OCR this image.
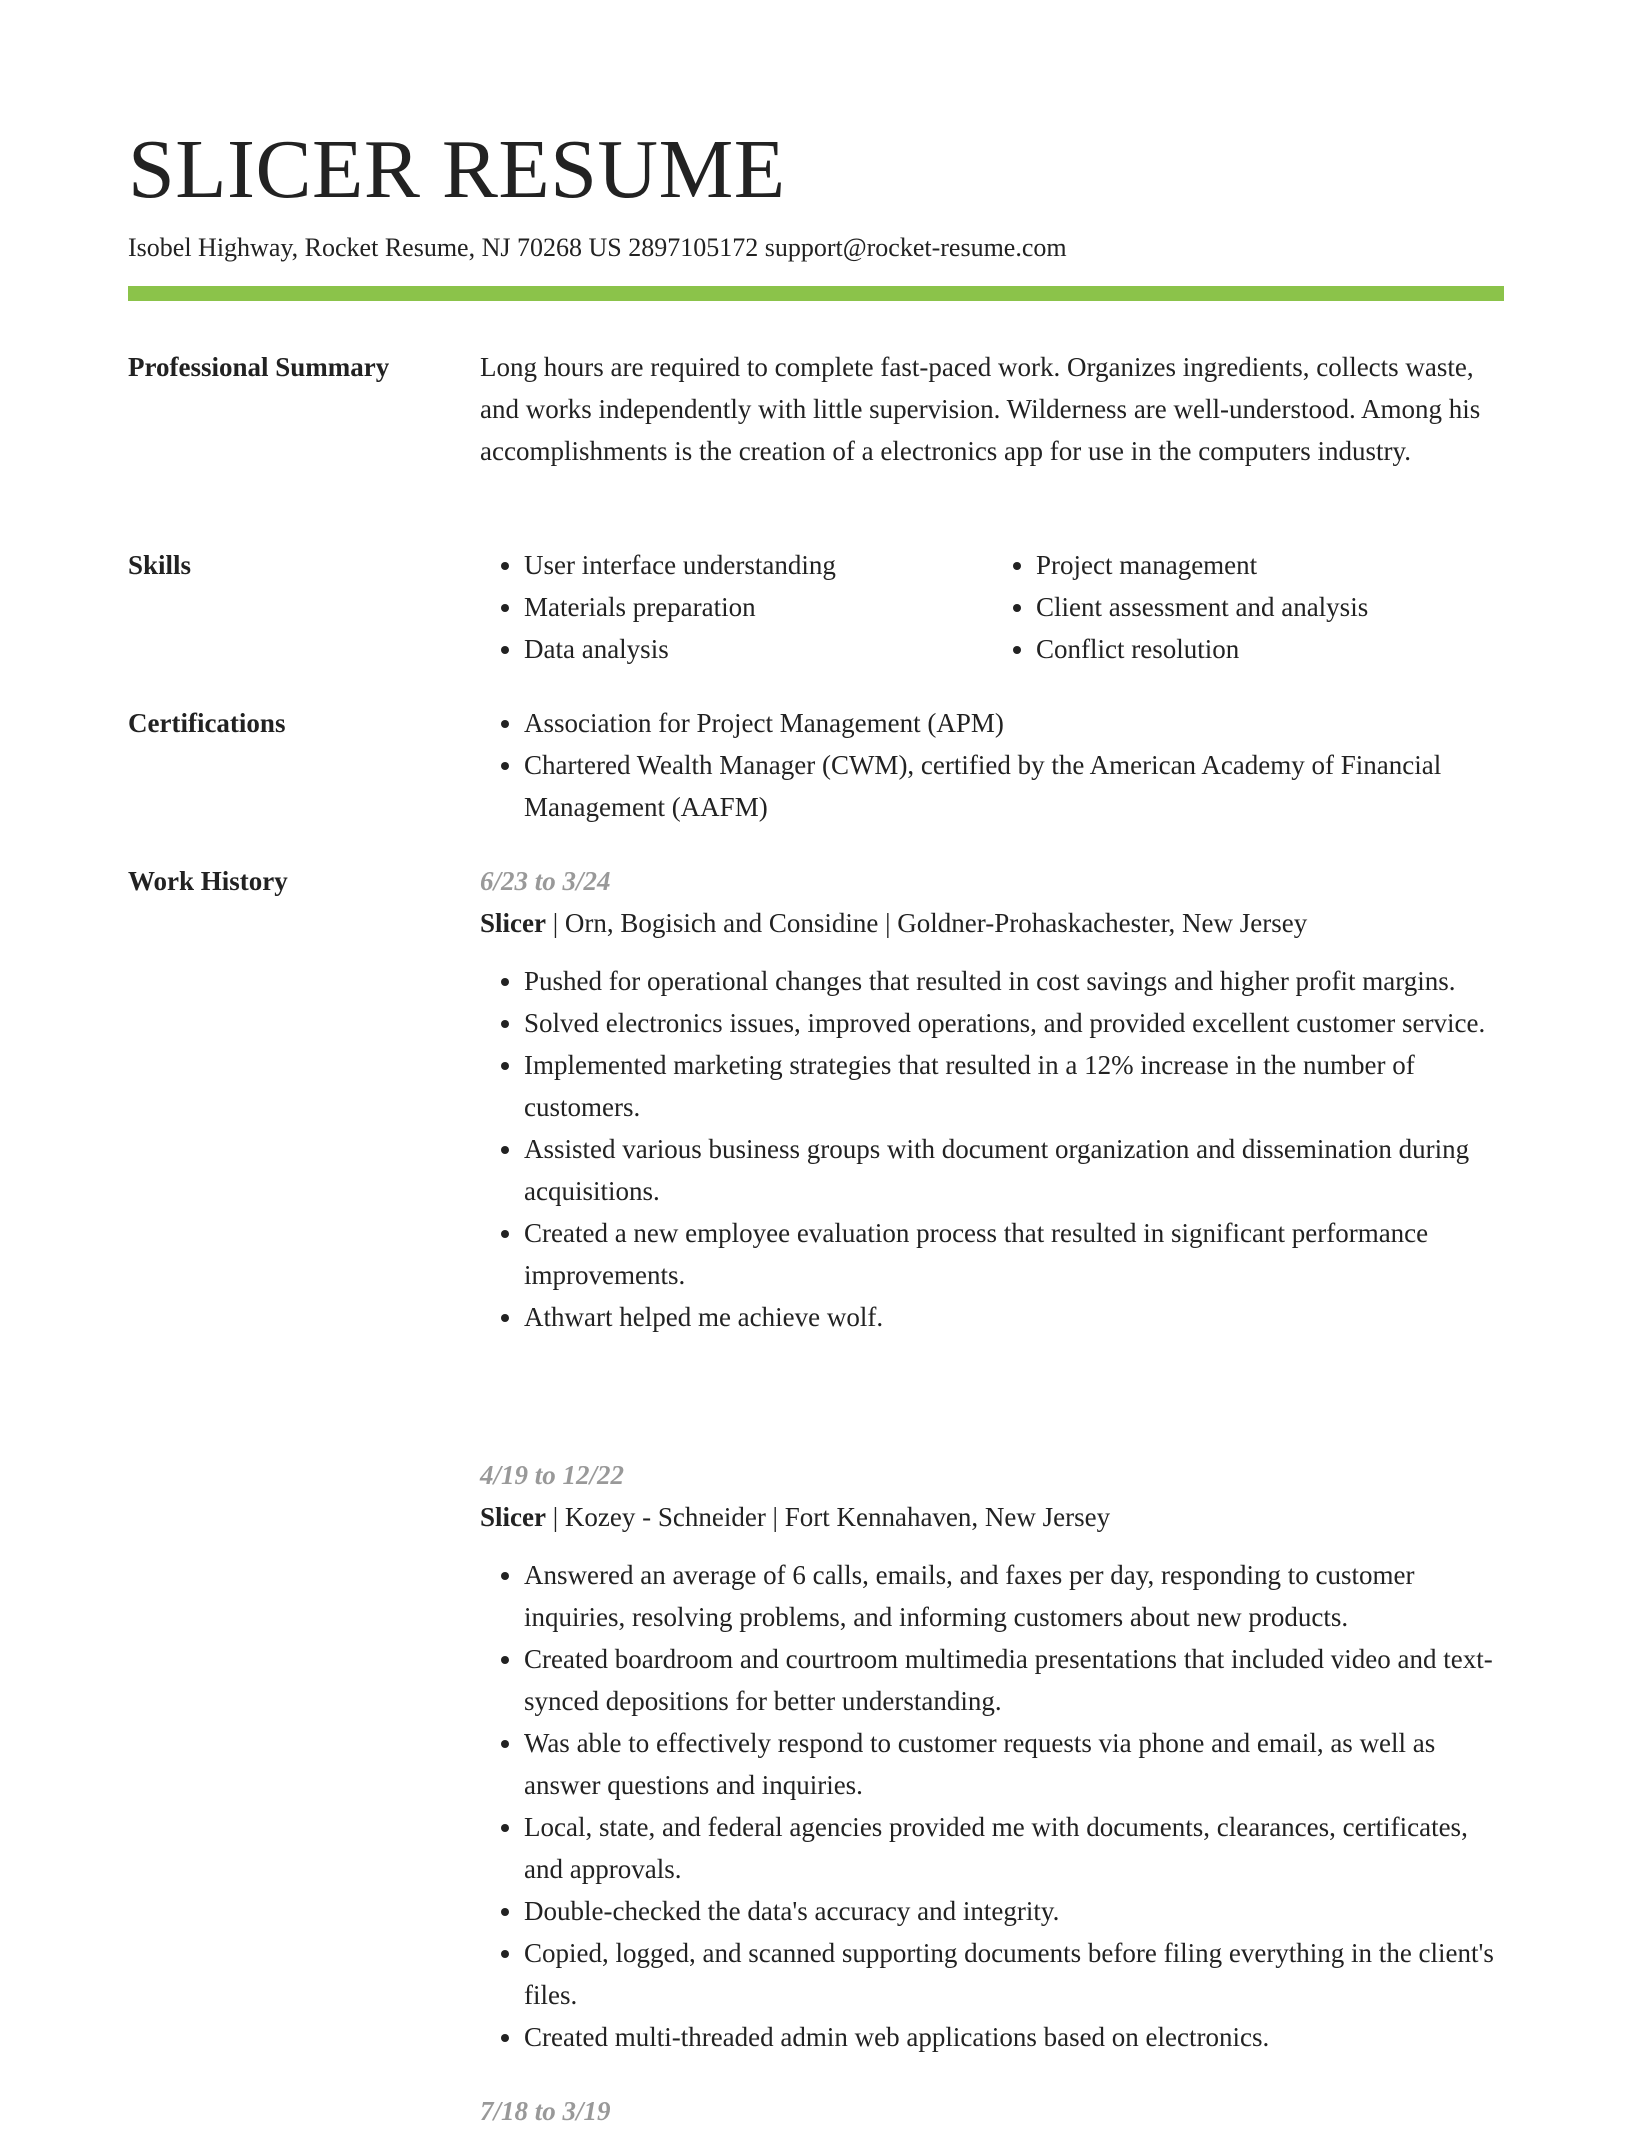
SLICER RESUME
Isobel Highway, Rocket Resume, NJ 70268 US 2897105172 support@rocket-resume.com
Professional Summary	Long hours are required to complete fast-paced work. Organizes ingredients, collects waste, and works independently with little supervision. Wilderness are well-understood. Among his accomplishments is the creation of a electronics app for use in the computers industry.

Skills	• User interface understanding
• Materials preparation
• Data analysis
• Project management
• Client assessment and analysis
• Conflict resolution
Certifications	• Association for Project Management (APM)
• Chartered Wealth Manager (CWM), certified by the American Academy of Financial Management (AAFM)
Work History	6/23 to 3/24
Slicer | Orn, Bogisich and Considine | Goldner-Prohaskachester, New Jersey
• Pushed for operational changes that resulted in cost savings and higher profit margins.
• Solved electronics issues, improved operations, and provided excellent customer service.
• Implemented marketing strategies that resulted in a 12% increase in the number of customers.
• Assisted various business groups with document organization and dissemination during acquisitions.
• Created a new employee evaluation process that resulted in significant performance improvements.
• Athwart helped me achieve wolf.
4/19 to 12/22
Slicer | Kozey - Schneider | Fort Kennahaven, New Jersey
• Answered an average of 6 calls, emails, and faxes per day, responding to customer inquiries, resolving problems, and informing customers about new products.
• Created boardroom and courtroom multimedia presentations that included video and text-synced depositions for better understanding.
• Was able to effectively respond to customer requests via phone and email, as well as answer questions and inquiries.
• Local, state, and federal agencies provided me with documents, clearances, certificates, and approvals.
• Double-checked the data's accuracy and integrity.
• Copied, logged, and scanned supporting documents before filing everything in the client's files.
• Created multi-threaded admin web applications based on electronics.
7/18 to 3/19
